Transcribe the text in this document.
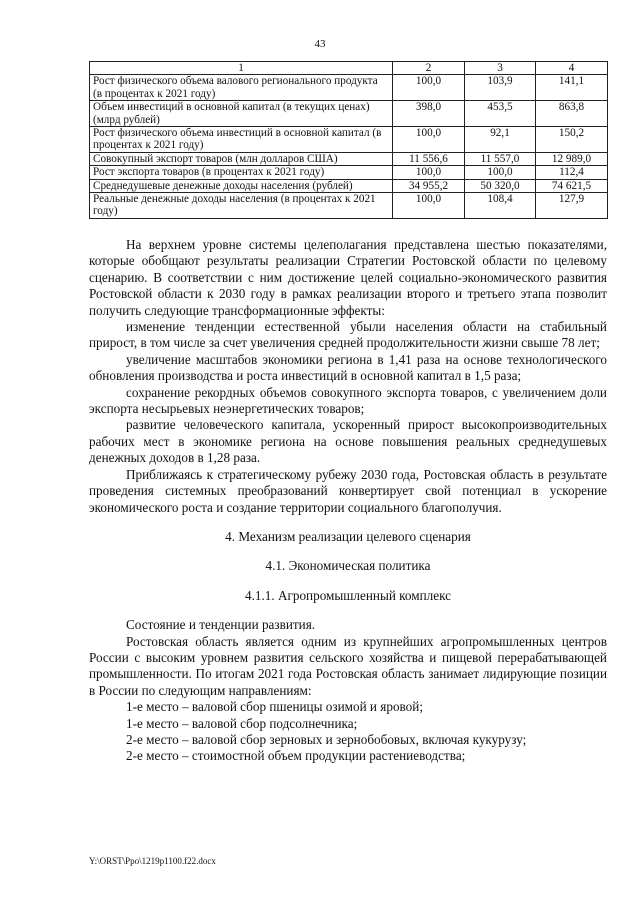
43
1	2	3	4
Рост физического объема валового регионального продукта (в процентах к 2021 году)	100,0	103,9	141,1
Объем инвестиций в основной капитал (в текущих ценах) (млрд рублей)	398,0	453,5	863,8
Рост физического объема инвестиций в основной капитал (в процентах к 2021 году)	100,0	92,1	150,2
Совокупный экспорт товаров (млн долларов США)	11 556,6	11 557,0	12 989,0
Рост экспорта товаров (в процентах к 2021 году)	100,0	100,0	112,4
Среднедушевые денежные доходы населения (рублей)	34 955,2	50 320,0	74 621,5
Реальные денежные доходы населения (в процентах к 2021 году)	100,0	108,4	127,9

На верхнем уровне системы целеполагания представлена шестью показателями, которые обобщают результаты реализации Стратегии Ростовской области по целевому сценарию. В соответствии с ним достижение целей социально-экономического развития Ростовской области к 2030 году в рамках реализации второго и третьего этапа позволит получить следующие трансформационные эффекты:

изменение тенденции естественной убыли населения области на стабильный прирост, в том числе за счет увеличения средней продолжительности жизни свыше 78 лет;

увеличение масштабов экономики региона в 1,41 раза на основе технологического обновления производства и роста инвестиций в основной капитал в 1,5 раза;

сохранение рекордных объемов совокупного экспорта товаров, с увеличением доли экспорта несырьевых неэнергетических товаров;

развитие человеческого капитала, ускоренный прирост высокопроизводительных рабочих мест в экономике региона на основе повышения реальных среднедушевых денежных доходов в 1,28 раза.

Приближаясь к стратегическому рубежу 2030 года, Ростовская область в результате проведения системных преобразований конвертирует свой потенциал в ускорение экономического роста и создание территории социального благополучия.

4. Механизм реализации целевого сценария

4.1. Экономическая политика

4.1.1. Агропромышленный комплекс

Состояние и тенденции развития.

Ростовская область является одним из крупнейших агропромышленных центров России с высоким уровнем развития сельского хозяйства и пищевой перерабатывающей промышленности. По итогам 2021 года Ростовская область занимает лидирующие позиции в России по следующим направлениям:

1-е место – валовой сбор пшеницы озимой и яровой;

1-е место – валовой сбор подсолнечника;

2-е место – валовой сбор зерновых и зернобобовых, включая кукурузу;

2-е место – стоимостной объем продукции растениеводства;

Y:\ORST\Ppo\1219p1100.f22.docx
